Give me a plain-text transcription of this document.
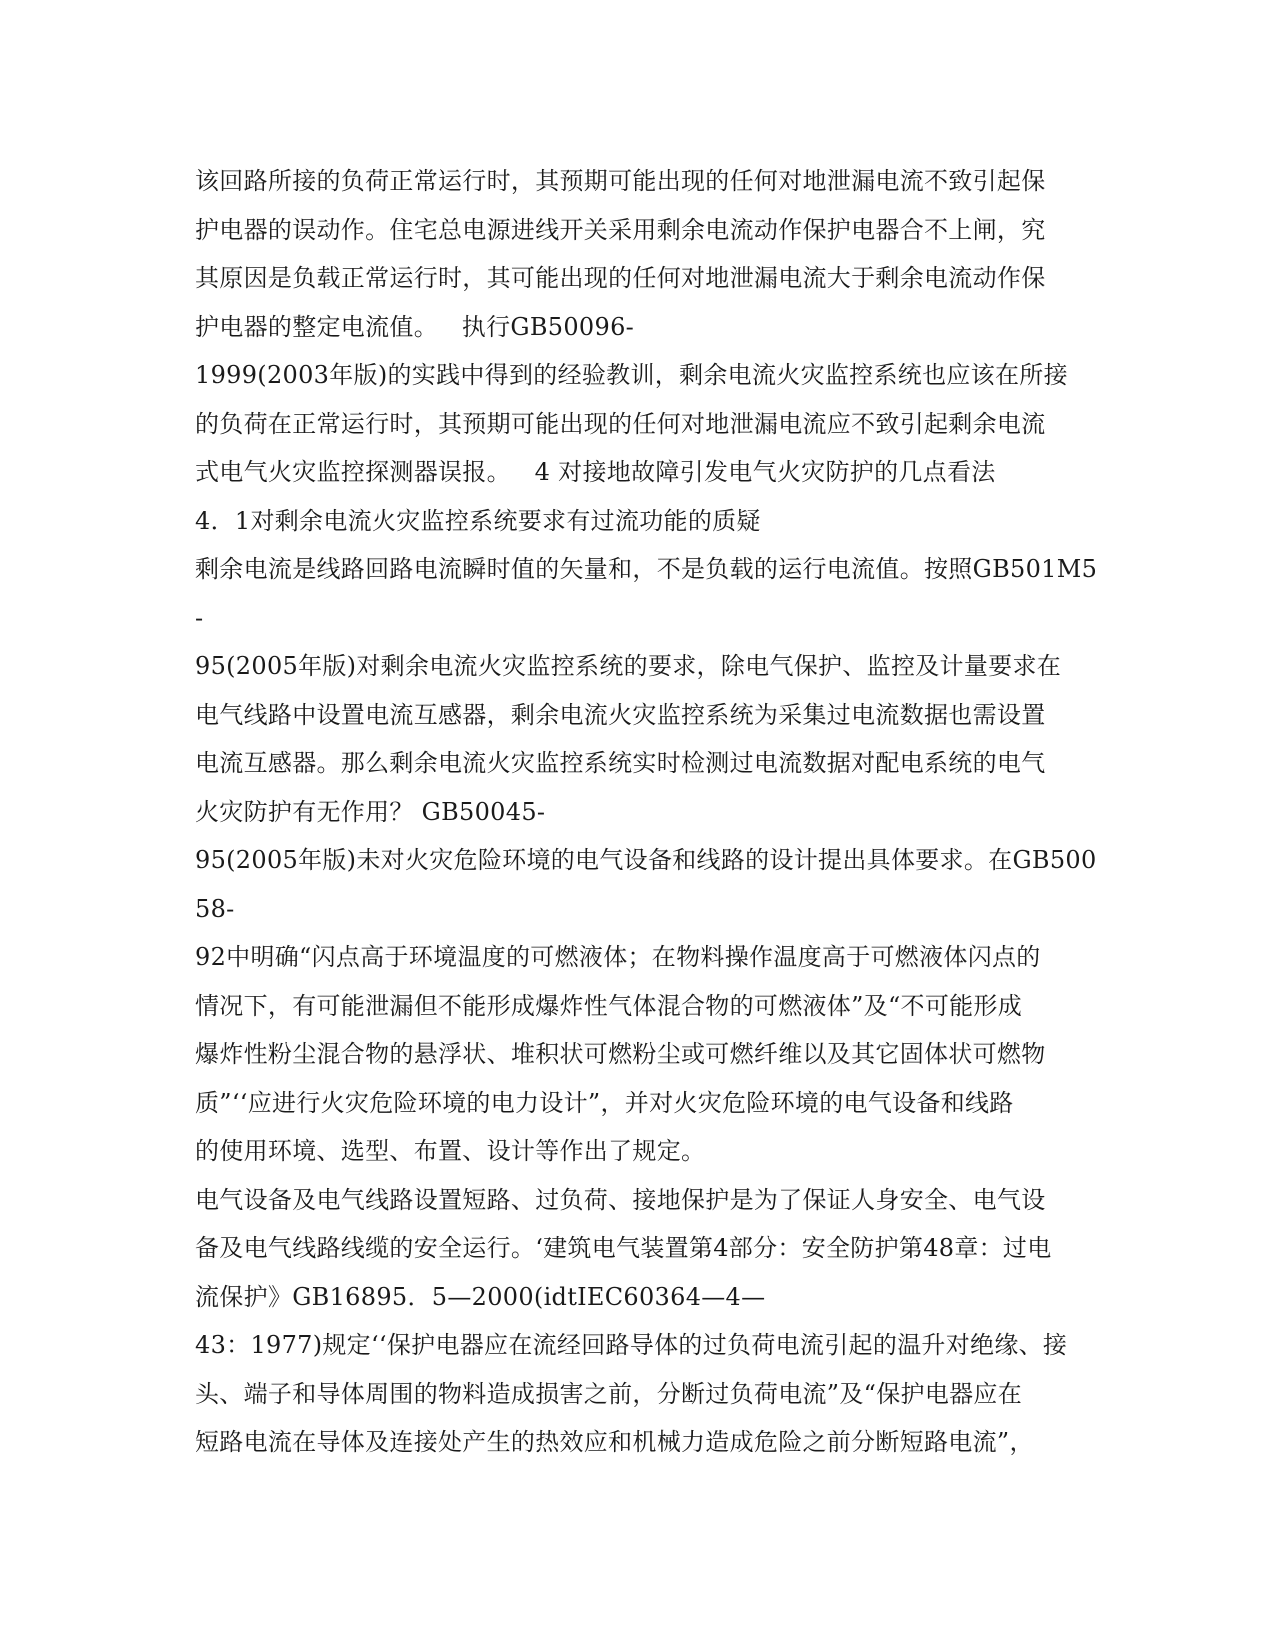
该回路所接的负荷正常运行时，其预期可能出现的任何对地泄漏电流不致引起保
护电器的误动作。住宅总电源进线开关采用剩余电流动作保护电器合不上闸，究
其原因是负载正常运行时，其可能出现的任何对地泄漏电流大于剩余电流动作保
护电器的整定电流值。   执行GB50096-
1999(2003年版)的实践中得到的经验教训，剩余电流火灾监控系统也应该在所接
的负荷在正常运行时，其预期可能出现的任何对地泄漏电流应不致引起剩余电流
式电气火灾监控探测器误报。   4 对接地故障引发电气火灾防护的几点看法
4．1对剩余电流火灾监控系统要求有过流功能的质疑
剩余电流是线路回路电流瞬时值的矢量和，不是负载的运行电流值。按照GB501M5
-
95(2005年版)对剩余电流火灾监控系统的要求，除电气保护、监控及计量要求在
电气线路中设置电流互感器，剩余电流火灾监控系统为采集过电流数据也需设置
电流互感器。那么剩余电流火灾监控系统实时检测过电流数据对配电系统的电气
火灾防护有无作用？ GB50045-
95(2005年版)未对火灾危险环境的电气设备和线路的设计提出具体要求。在GB500
58-
92中明确“闪点高于环境温度的可燃液体；在物料操作温度高于可燃液体闪点的
情况下，有可能泄漏但不能形成爆炸性气体混合物的可燃液体”及“不可能形成
爆炸性粉尘混合物的悬浮状、堆积状可燃粉尘或可燃纤维以及其它固体状可燃物
质”‘‘应进行火灾危险环境的电力设计”，并对火灾危险环境的电气设备和线路
的使用环境、选型、布置、设计等作出了规定。
电气设备及电气线路设置短路、过负荷、接地保护是为了保证人身安全、电气设
备及电气线路线缆的安全运行。‘建筑电气装置第4部分：安全防护第48章：过电
流保护》GB16895．5—2000(idtIEC60364—4—
43：1977)规定‘‘保护电器应在流经回路导体的过负荷电流引起的温升对绝缘、接
头、端子和导体周围的物料造成损害之前，分断过负荷电流”及“保护电器应在
短路电流在导体及连接处产生的热效应和机械力造成危险之前分断短路电流”，
